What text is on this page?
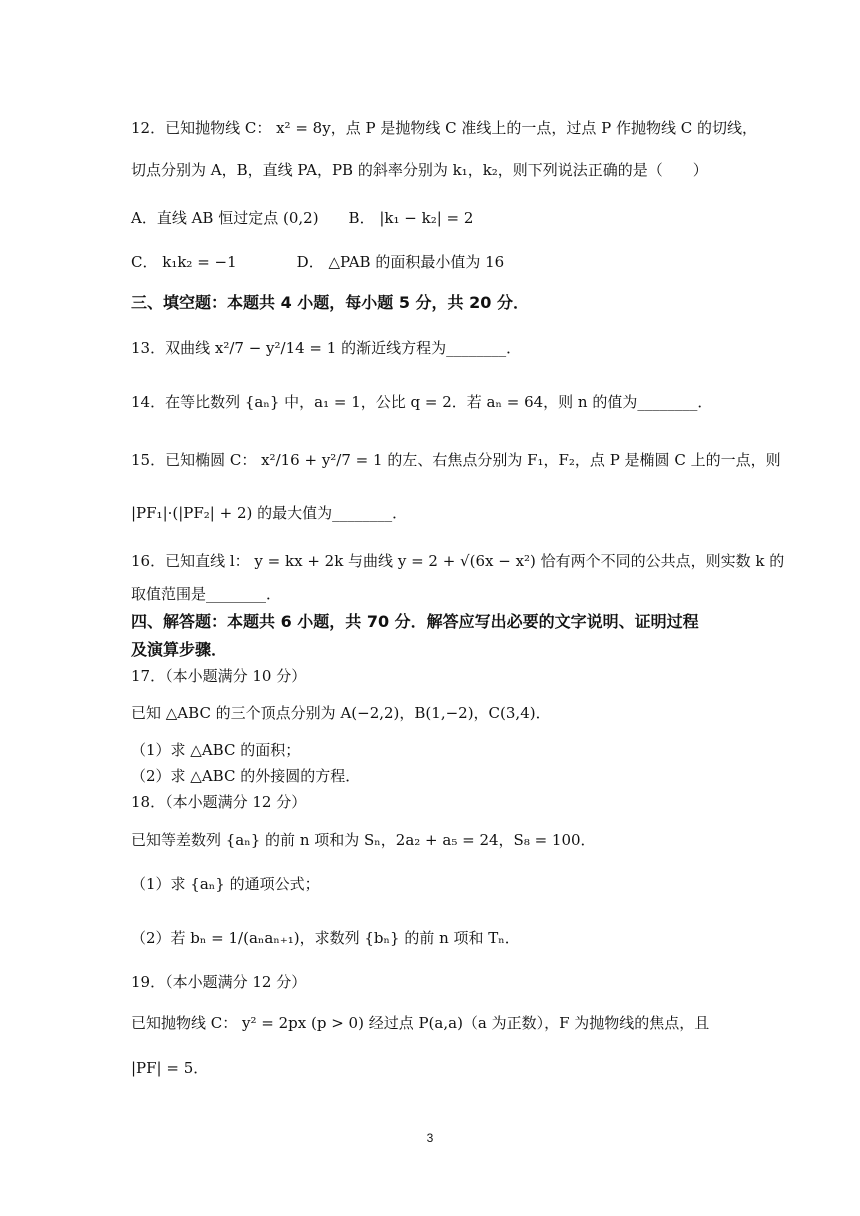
12．已知抛物线 C： x² = 8y，点 P 是抛物线 C 准线上的一点，过点 P 作抛物线 C 的切线，
切点分别为 A，B，直线 PA，PB 的斜率分别为 k₁，k₂，则下列说法正确的是（　　）
A．直线 AB 恒过定点 (0,2)　　B． |k₁ − k₂| = 2
C． k₁k₂ = −1　　　　D． △PAB 的面积最小值为 16
三、填空题：本题共 4 小题，每小题 5 分，共 20 分．
13．双曲线 x²/7 − y²/14 = 1 的渐近线方程为________．
14．在等比数列 {aₙ} 中，a₁ = 1，公比 q = 2．若 aₙ = 64，则 n 的值为________．
15．已知椭圆 C： x²/16 + y²/7 = 1 的左、右焦点分别为 F₁，F₂，点 P 是椭圆 C 上的一点，则
|PF₁|·(|PF₂| + 2) 的最大值为________．
16．已知直线 l： y = kx + 2k 与曲线 y = 2 + √(6x − x²) 恰有两个不同的公共点，则实数 k 的
取值范围是________．
四、解答题：本题共 6 小题，共 70 分．解答应写出必要的文字说明、证明过程
及演算步骤．
17．（本小题满分 10 分）
已知 △ABC 的三个顶点分别为 A(−2,2)，B(1,−2)，C(3,4)．
（1）求 △ABC 的面积；
（2）求 △ABC 的外接圆的方程．
18．（本小题满分 12 分）
已知等差数列 {aₙ} 的前 n 项和为 Sₙ，2a₂ + a₅ = 24，S₈ = 100．
（1）求 {aₙ} 的通项公式；
（2）若 bₙ = 1/(aₙaₙ₊₁)，求数列 {bₙ} 的前 n 项和 Tₙ．
19．（本小题满分 12 分）
已知抛物线 C： y² = 2px (p > 0) 经过点 P(a,a)（a 为正数），F 为抛物线的焦点，且
|PF| = 5．
3
